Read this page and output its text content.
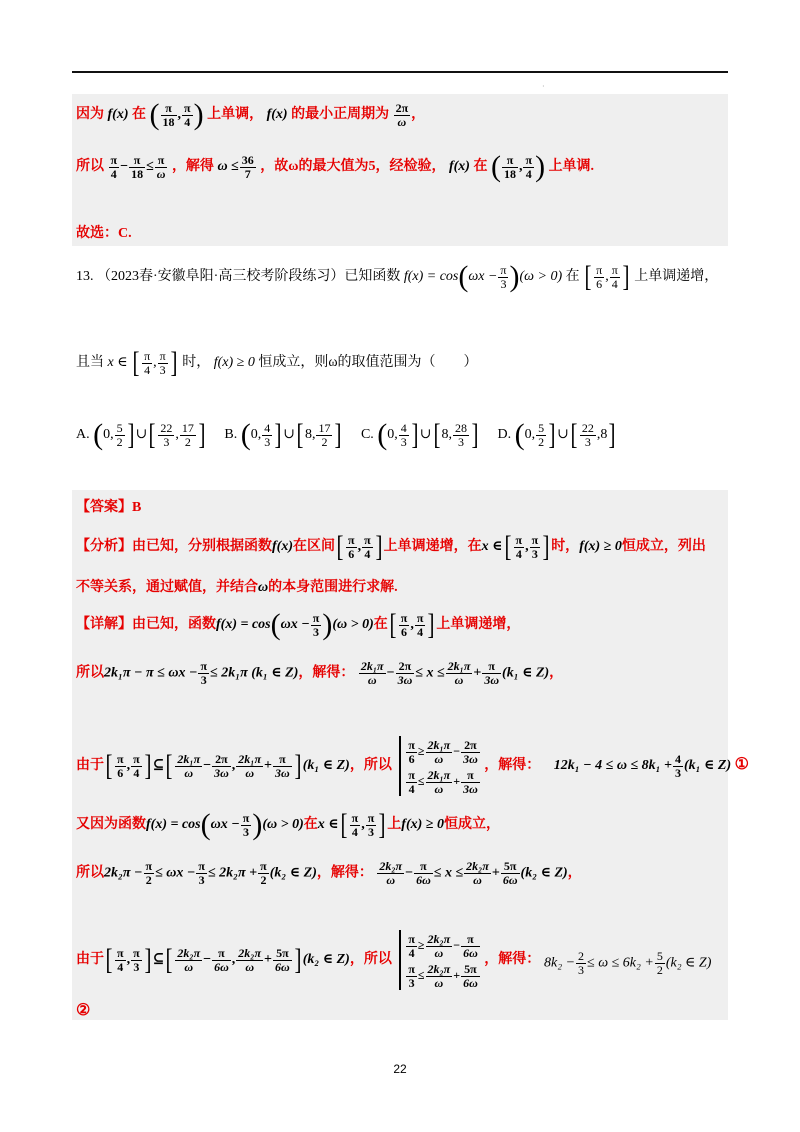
·
因为 f(x) 在 ( $\frac{\pi}{18}$ , $\frac{\pi}{4}$ ) 上单调， f(x) 的最小正周期为 $\frac{2\pi}{\omega}$ ，
所以 $\frac{\pi}{4} - \frac{\pi}{18} \le \frac{\pi}{\omega}$ ，解得 $\omega \le \frac{36}{7}$ ，故ω的最大值为5，经检验， f(x) 在 ( $\frac{\pi}{18}$ , $\frac{\pi}{4}$ ) 上单调.
故选：C.
13. （2023春·安徽阜阳·高三校考阶段练习）已知函数 $f(x) = \cos(\omega x - \frac{\pi}{3} )(\omega > 0)$ 在 [ $\frac{\pi}{6}$ , $\frac{\pi}{4}$ ] 上单调递增，
且当 x ∈ [ $\frac{\pi}{4}$ , $\frac{\pi}{3}$ ] 时， f(x) ≥ 0 恒成立，则ω的取值范围为（　　）
A. (0, $\frac{5}{2}$ ] ∪[ $\frac{22}{3}$ , $\frac{17}{2}$ ] B. (0, $\frac{4}{3}$ ] ∪[ 8, $\frac{17}{2}$ ] C. (0, $\frac{4}{3}$ ] ∪[ 8, $\frac{28}{3}$ ] D. (0, $\frac{5}{2}$ ] ∪[ $\frac{22}{3} ,8$]
【答案】B
【分析】由已知，分别根据函数f(x)在区间[ $\frac{\pi}{6}$ , $\frac{\pi}{4}$ ] 上单调递增，在x ∈[ $\frac{\pi}{4}$ , $\frac{\pi}{3}$ ] 时，f(x) ≥ 0恒成立，列出
不等关系，通过赋值，并结合ω的本身范围进行求解.
【详解】由已知，函数$f(x) = \cos(\omega x - \frac{\pi}{3} )(\omega > 0)$在[ $\frac{\pi}{6}$ , $\frac{\pi}{4}$ ] 上单调递增，
所以$2k_1\pi - \pi \le \omega x - \frac{\pi}{3} \le 2k_1\pi$ (k₁ ∈ Z)，解得： $\frac{\text{2k₁π}}{\omega} - \frac{2\pi}{3\omega} \le x \le \frac{\text{2k₁π}}{\omega} + \frac{\pi}{3\omega} (k_1$ ∈ Z)，
由于[ $\frac{\pi}{6}$ , $\frac{\pi}{4}$ ] ⊆[ $\frac{\text{2k₁π}}{\omega} - \frac{2\pi}{3\omega}$ , $\frac{\text{2k₁π}}{\omega} + \frac{\pi}{3\omega}$ ] (k₁ ∈ Z)，所以 $\frac{\pi}{6} \ge \frac{\text{2k₁π}}{\omega} - \frac{2\pi}{3\omega}$
$\frac{\pi}{4} \le \frac{\text{2k₁π}}{\omega} + \frac{\pi}{3\omega}$
，解得： $12k_1 - 4 \le \omega \le 8k_1 + \frac{4}{3} (k_1$ ∈ Z) ①
又因为函数$f(x) = \cos(\omega x - \frac{\pi}{3} )(\omega > 0)$在x ∈[ $\frac{\pi}{4}$ , $\frac{\pi}{3}$ ] 上f(x) ≥ 0恒成立，
所以$2k_2\pi - \frac{\pi}{2} \le \omega x - \frac{\pi}{3} \le 2k_2\pi + \frac{\pi}{2} (k_2$ ∈ Z)，解得： $\frac{\text{2k₂π}}{\omega} - \frac{\pi}{6\omega} \le x \le \frac{\text{2k₂π}}{\omega} + \frac{5\pi}{6\omega} (k_2$ ∈ Z)，
由于[ $\frac{\pi}{4}$ , $\frac{\pi}{3}$ ] ⊆[ $\frac{\text{2k₂π}}{\omega} - \frac{\pi}{6\omega}$ , $\frac{\text{2k₂π}}{\omega} + \frac{5\pi}{6\omega}$ ] (k₂ ∈ Z)，所以 $\frac{\pi}{4} \ge \frac{\text{2k₂π}}{\omega} - \frac{\pi}{6\omega}$
$\frac{\pi}{3} \le \frac{\text{2k₂π}}{\omega} + \frac{5\pi}{6\omega}$
，解得： $8k_2 - \frac{2}{3} \le \omega \le 6k_2 + \frac{5}{2} (k_2$ ∈ Z)
②
22
